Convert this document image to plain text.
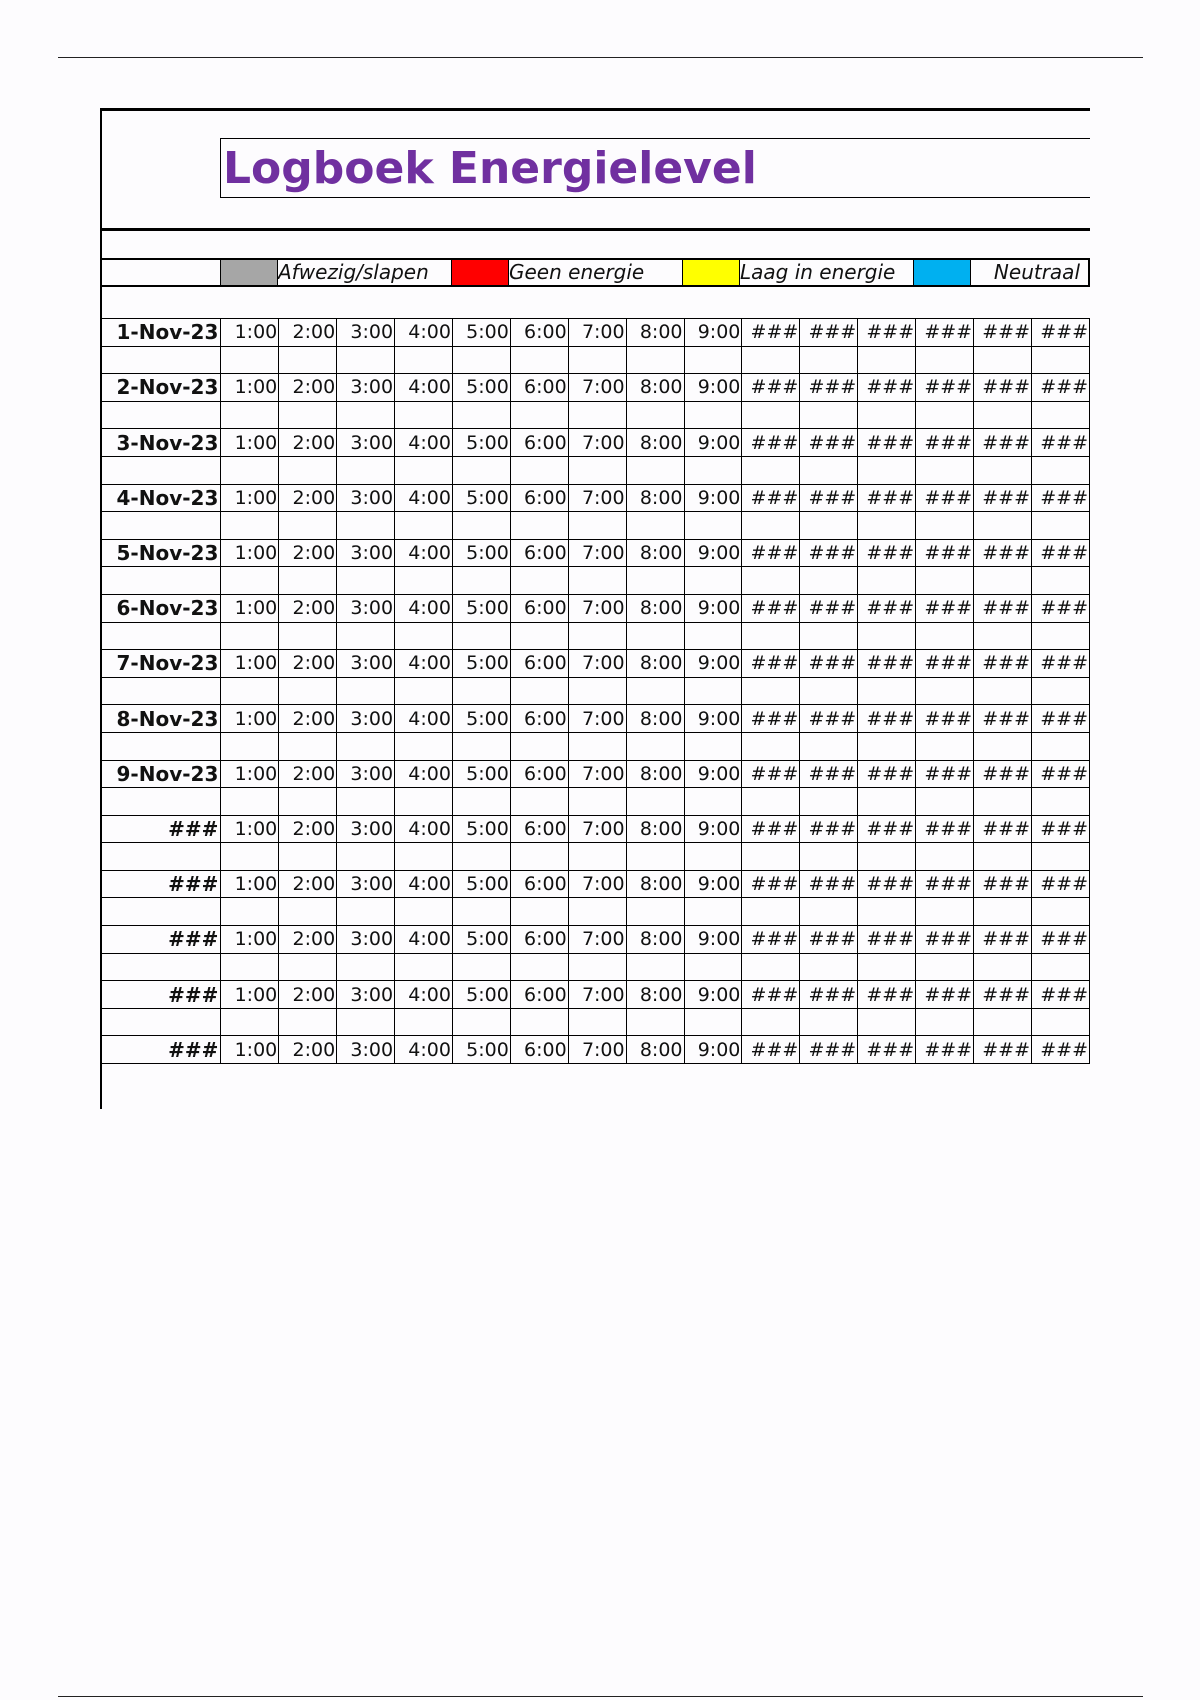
Logboek Energielevel
Afwezig/slapen	Geen energie	Laag in energie	Neutraal
1-Nov-23	1:00	2:00	3:00	4:00	5:00	6:00	7:00	8:00	9:00	###	###	###	###	###	###

2-Nov-23	1:00	2:00	3:00	4:00	5:00	6:00	7:00	8:00	9:00	###	###	###	###	###	###

3-Nov-23	1:00	2:00	3:00	4:00	5:00	6:00	7:00	8:00	9:00	###	###	###	###	###	###

4-Nov-23	1:00	2:00	3:00	4:00	5:00	6:00	7:00	8:00	9:00	###	###	###	###	###	###

5-Nov-23	1:00	2:00	3:00	4:00	5:00	6:00	7:00	8:00	9:00	###	###	###	###	###	###

6-Nov-23	1:00	2:00	3:00	4:00	5:00	6:00	7:00	8:00	9:00	###	###	###	###	###	###

7-Nov-23	1:00	2:00	3:00	4:00	5:00	6:00	7:00	8:00	9:00	###	###	###	###	###	###

8-Nov-23	1:00	2:00	3:00	4:00	5:00	6:00	7:00	8:00	9:00	###	###	###	###	###	###

9-Nov-23	1:00	2:00	3:00	4:00	5:00	6:00	7:00	8:00	9:00	###	###	###	###	###	###

###	1:00	2:00	3:00	4:00	5:00	6:00	7:00	8:00	9:00	###	###	###	###	###	###

###	1:00	2:00	3:00	4:00	5:00	6:00	7:00	8:00	9:00	###	###	###	###	###	###

###	1:00	2:00	3:00	4:00	5:00	6:00	7:00	8:00	9:00	###	###	###	###	###	###

###	1:00	2:00	3:00	4:00	5:00	6:00	7:00	8:00	9:00	###	###	###	###	###	###

###	1:00	2:00	3:00	4:00	5:00	6:00	7:00	8:00	9:00	###	###	###	###	###	###
